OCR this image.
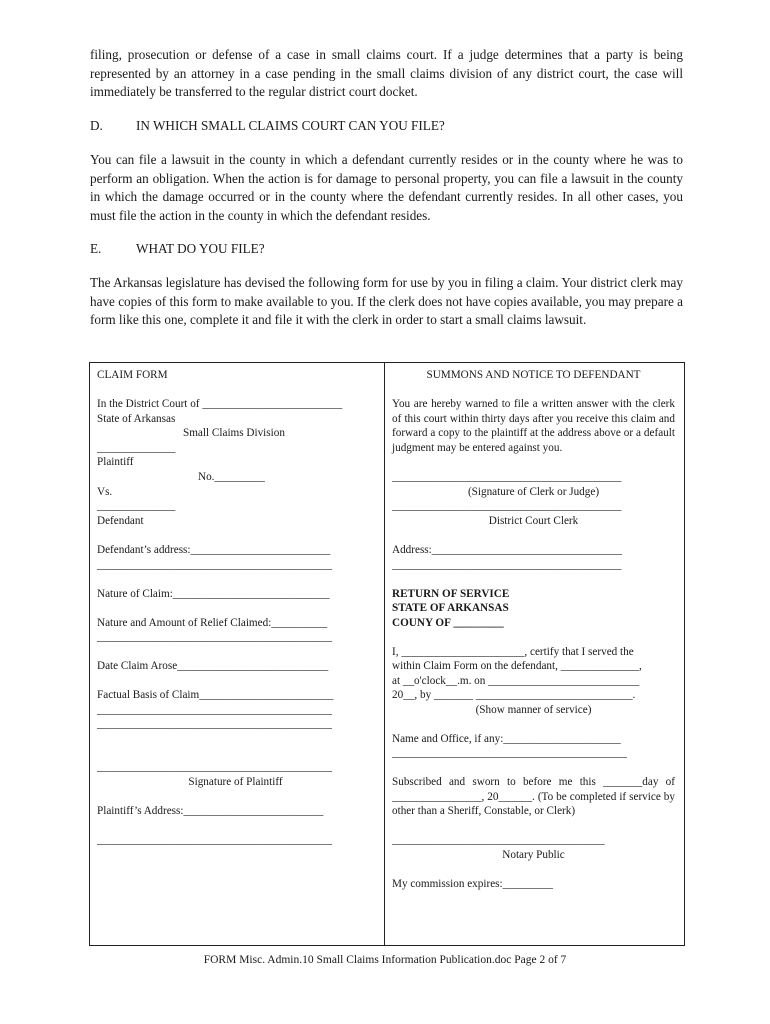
filing, prosecution or defense of a case in small claims court. If a judge determines that a party is being represented by an attorney in a case pending in the small claims division of any district court, the case will immediately be transferred to the regular district court docket.

D.	IN WHICH SMALL CLAIMS COURT CAN YOU FILE?

You can file a lawsuit in the county in which a defendant currently resides or in the county where he was to perform an obligation. When the action is for damage to personal property, you can file a lawsuit in the county in which the damage occurred or in the county where the defendant currently resides. In all other cases, you must file the action in the county in which the defendant resides.

E.	WHAT DO YOU FILE?

The Arkansas legislature has devised the following form for use by you in filing a claim. Your district clerk may have copies of this form to make available to you. If the clerk does not have copies available, you may prepare a form like this one, complete it and file it with the clerk in order to start a small claims lawsuit.

CLAIM FORM

In the District Court of _________________________

State of Arkansas

Small Claims Division

______________

Plaintiff

No._________

Vs.

______________

Defendant

Defendant’s address:_________________________

__________________________________________

Nature of Claim:____________________________

Nature and Amount of Relief Claimed:__________

__________________________________________

Date Claim Arose___________________________

Factual Basis of Claim________________________

__________________________________________

__________________________________________

__________________________________________

Signature of Plaintiff

Plaintiff’s Address:_________________________

__________________________________________

SUMMONS AND NOTICE TO DEFENDANT

You are hereby warned to file a written answer with the clerk of this court within thirty days after you receive this claim and forward a copy to the plaintiff at the address above or a default judgment may be entered against you.

_________________________________________

(Signature of Clerk or Judge)

_________________________________________

District Court Clerk

Address:__________________________________

_________________________________________

RETURN OF SERVICE
STATE OF ARKANSAS
COUNY OF _________

I, ______________________, certify that I served the

within Claim Form on the defendant, ______________,

at __o'clock__.m. on ___________________________

20__, by _______ ____________________________.

(Show manner of service)

Name and Office, if any:_____________________

__________________________________________

Subscribed and sworn to before me this _______day of ________________, 20______. (To be completed if service by other than a Sheriff, Constable, or Clerk)

______________________________________

Notary Public

My commission expires:_________

FORM Misc. Admin.10 Small Claims Information Publication.doc Page 2 of 7
